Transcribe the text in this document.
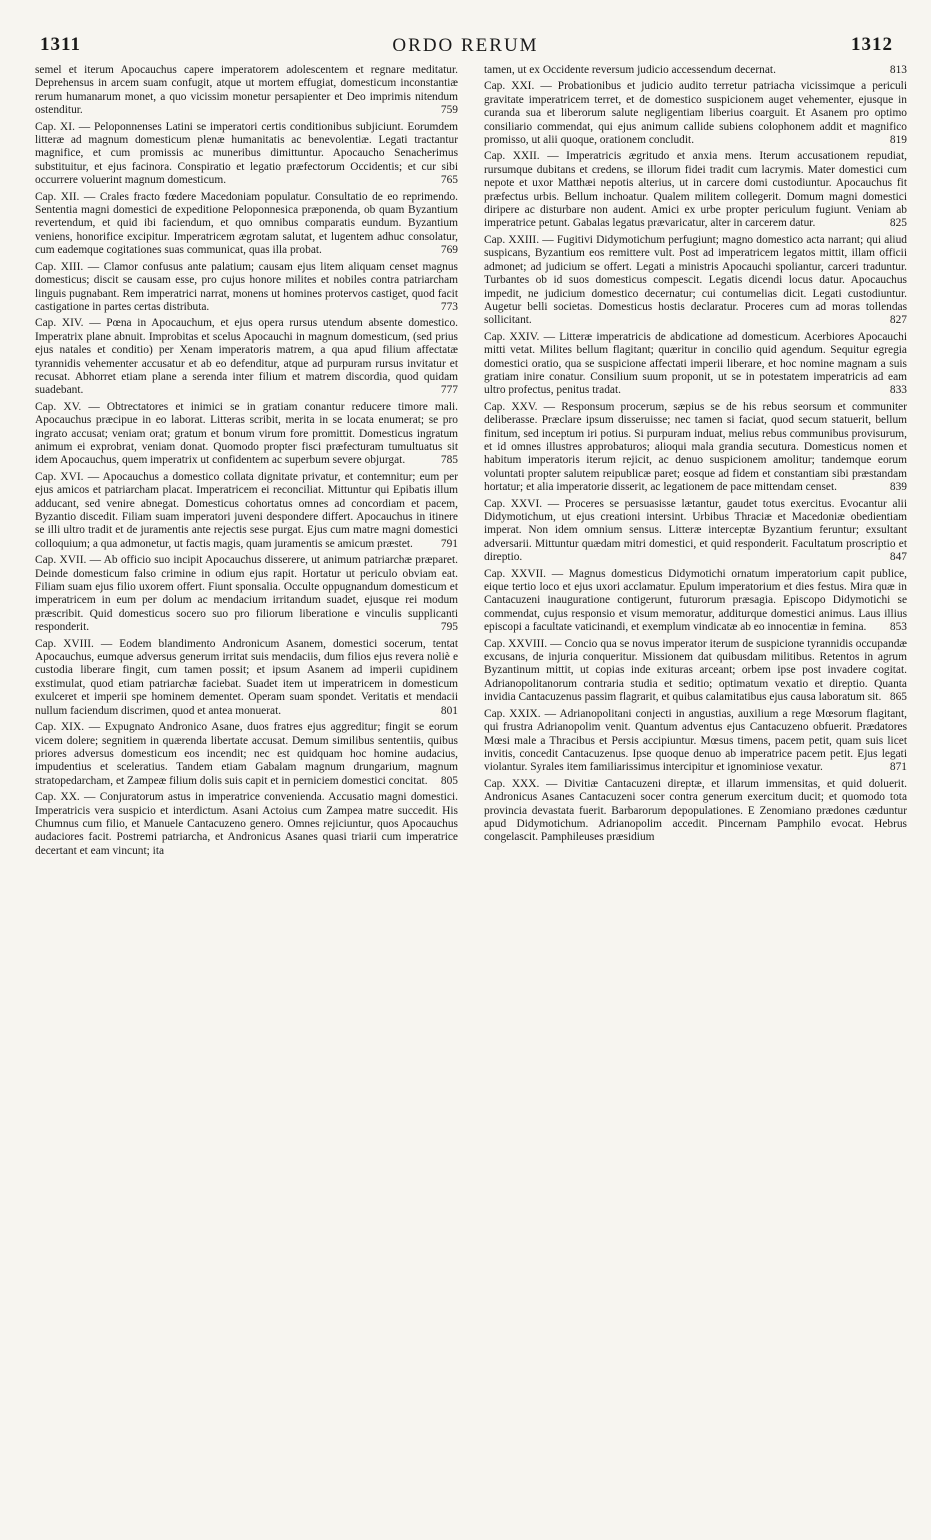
1311	ORDO RERUM	1312

semel et iterum Apocauchus capere imperatorem adolescentem et regnare meditatur. Deprehensus in arcem suam confugit, atque ut mortem effugiat, domesticum inconstantiæ rerum humanarum monet, a quo vicissim monetur persapienter et Deo imprimis nitendum ostenditur.	759

Cap. XI. — Peloponnenses Latini se imperatori certis conditionibus subjiciunt. Eorumdem litteræ ad magnum domesticum plenæ humanitatis ac benevolentiæ. Legati tractantur magnifice, et cum promissis ac muneribus dimittuntur. Apocaucho Senacherimus substituitur, et ejus facinora. Conspiratio et legatio præfectorum Occidentis; et cur sibi occurrere voluerint magnum domesticum.	765

Cap. XII. — Crales fracto fœdere Macedoniam populatur. Consultatio de eo reprimendo. Sententia magni domestici de expeditione Peloponnesica præponenda, ob quam Byzantium revertendum, et quid ibi faciendum, et quo omnibus comparatis eundum. Byzantium veniens, honorifice excipitur. Imperatricem ægrotam salutat, et lugentem adhuc consolatur, cum eademque cogitationes suas communicat, quas illa probat.	769

Cap. XIII. — Clamor confusus ante palatium; causam ejus litem aliquam censet magnus domesticus; discit se causam esse, pro cujus honore milites et nobiles contra patriarcham linguis pugnabant. Rem imperatrici narrat, monens ut homines protervos castiget, quod facit castigatione in partes certas distributa.	773

Cap. XIV. — Pœna in Apocauchum, et ejus opera rursus utendum absente domestico. Imperatrix plane abnuit. Improbitas et scelus Apocauchi in magnum domesticum, (sed prius ejus natales et conditio) per Xenam imperatoris matrem, a qua apud filium affectatæ tyrannidis vehementer accusatur et ab eo defenditur, atque ad purpuram rursus invitatur et recusat. Abhorret etiam plane a serenda inter filium et matrem discordia, quod quidam suadebant.	777

Cap. XV. — Obtrectatores et inimici se in gratiam conantur reducere timore mali. Apocauchus præcipue in eo laborat. Litteras scribit, merita in se locata enumerat; se pro ingrato accusat; veniam orat; gratum et bonum virum fore promittit. Domesticus ingratum animum ei exprobrat, veniam donat. Quomodo propter fisci præfecturam tumultuatus sit idem Apocauchus, quem imperatrix ut confidentem ac superbum severe objurgat.	785

Cap. XVI. — Apocauchus a domestico collata dignitate privatur, et contemnitur; eum per ejus amicos et patriarcham placat. Imperatricem ei reconciliat. Mittuntur qui Epibatis illum adducant, sed venire abnegat. Domesticus cohortatus omnes ad concordiam et pacem, Byzantio discedit. Filiam suam imperatori juveni despondere differt. Apocauchus in itinere se illi ultro tradit et de juramentis ante rejectis sese purgat. Ejus cum matre magni domestici colloquium; a qua admonetur, ut factis magis, quam juramentis se amicum præstet. 791

Cap. XVII. — Ab officio suo incipit Apocauchus disserere, ut animum patriarchæ præparet. Deinde domesticum falso crimine in odium ejus rapit. Hortatur ut periculo obviam eat. Filiam suam ejus filio uxorem offert. Fiunt sponsalia. Occulte oppugnandum domesticum et imperatricem in eum per dolum ac mendacium irritandum suadet, ejusque rei modum præscribit. Quid domesticus socero suo pro filiorum liberatione e vinculis supplicanti responderit.	795

Cap. XVIII. — Eodem blandimento Andronicum Asanem, domestici socerum, tentat Apocauchus, eumque adversus generum irritat suis mendaciis, dum filios ejus revera noliè e custodia liberare fingit, cum tamen possit; et ipsum Asanem ad imperii cupidinem exstimulat, quod etiam patriarchæ faciebat. Suadet item ut imperatricem in domesticum exulceret et imperii spe hominem dementet. Operam suam spondet. Veritatis et mendacii nullum faciendum discrimen, quod et antea monuerat.	801

Cap. XIX. — Expugnato Andronico Asane, duos fratres ejus aggreditur; fingit se eorum vicem dolere; segnitiem in quærenda libertate accusat. Demum similibus sententiis, quibus priores adversus domesticum eos incendit; nec est quidquam hoc homine audacius, impudentius et sceleratius. Tandem etiam Gabalam magnum drungarium, magnum stratopedarcham, et Zampeæ filium dolis suis capit et in perniciem domestici concitat. 805

Cap. XX. — Conjuratorum astus in imperatrice convenienda. Accusatio magni domestici. Imperatricis vera suspicio et interdictum. Asani Actoius cum Zampea matre succedit. His Chumnus cum filio, et Manuele Cantacuzeno genero. Omnes rejiciuntur, quos Apocauchus audaciores facit. Postremi patriarcha, et Andronicus Asanes quasi triarii cum imperatrice decertant et eam vincunt; ita

tamen, ut ex Occidente reversum judicio accessendum decernat.	813

Cap. XXI. — Probationibus et judicio audito terretur patriacha vicissimque a periculi gravitate imperatricem terret, et de domestico suspicionem auget vehementer, ejusque in curanda sua et liberorum salute negligentiam liberius coarguit. Et Asanem pro optimo consiliario commendat, qui ejus animum callide subiens colophonem addit et magnifico promisso, ut alii quoque, orationem concludit.	819

Cap. XXII. — Imperatricis ægritudo et anxia mens. Iterum accusationem repudiat, rursumque dubitans et credens, se illorum fidei tradit cum lacrymis. Mater domestici cum nepote et uxor Matthæi nepotis alterius, ut in carcere domi custodiuntur. Apocauchus fit præfectus urbis. Bellum inchoatur. Qualem militem collegerit. Domum magni domestici diripere ac disturbare non audent. Amici ex urbe propter periculum fugiunt. Veniam ab imperatrice petunt. Gabalas legatus prævaricatur, alter in carcerem datur.	825

Cap. XXIII. — Fugitivi Didymotichum perfugiunt; magno domestico acta narrant; qui aliud suspicans, Byzantium eos remittere vult. Post ad imperatricem legatos mittit, illam officii admonet; ad judicium se offert. Legati a ministris Apocauchi spoliantur, carceri traduntur. Turbantes ob id suos domesticus compescit. Legatis dicendi locus datur. Apocauchus impedit, ne judicium domestico decernatur; cui contumelias dicit. Legati custodiuntur. Augetur belli societas. Domesticus hostis declaratur. Proceres cum ad moras tollendas sollicitant.	827

Cap. XXIV. — Litteræ imperatricis de abdicatione ad domesticum. Acerbiores Apocauchi mitti vetat. Milites bellum flagitant; quæritur in concilio quid agendum. Sequitur egregia domestici oratio, qua se suspicione affectati imperii liberare, et hoc nomine magnam a suis gratiam inire conatur. Consilium suum proponit, ut se in potestatem imperatricis ad eam ultro profectus, penitus tradat.	833

Cap. XXV. — Responsum procerum, sæpius se de his rebus seorsum et communiter deliberasse. Præclare ipsum disseruisse; nec tamen si faciat, quod secum statuerit, bellum finitum, sed inceptum iri potius. Si purpuram induat, melius rebus communibus provisurum, et id omnes illustres approbaturos; alioqui mala grandia secutura. Domesticus nomen et habitum imperatoris iterum rejicit, ac denuo suspicionem amolitur; tandemque eorum voluntati propter salutem reipublicæ paret; eosque ad fidem et constantiam sibi præstandam hortatur; et alia imperatorie disserit, ac legationem de pace mittendam censet.	839

Cap. XXVI. — Proceres se persuasisse lætantur, gaudet totus exercitus. Evocantur alii Didymotichum, ut ejus creationi intersint. Urbibus Thraciæ et Macedoniæ obedientiam imperat. Non idem omnium sensus. Litteræ interceptæ Byzantium feruntur; exsultant adversarii. Mittuntur quædam mitri domestici, et quid responderit. Facultatum proscriptio et direptio.	847

Cap. XXVII. — Magnus domesticus Didymotichi ornatum imperatorium capit publice, eique tertio loco et ejus uxori acclamatur. Epulum imperatorium et dies festus. Mira quæ in Cantacuzeni inauguratione contigerunt, futurorum præsagia. Episcopo Didymotichi se commendat, cujus responsio et visum memoratur, additurque domestici animus. Laus illius episcopi a facultate vaticinandi, et exemplum vindicatæ ab eo innocentiæ in femina. 853

Cap. XXVIII. — Concio qua se novus imperator iterum de suspicione tyrannidis occupandæ excusans, de injuria conqueritur. Missionem dat quibusdam militibus. Retentos in agrum Byzantinum mittit, ut copias inde exituras arceant; orbem ipse post invadere cogitat. Adrianopolitanorum contraria studia et seditio; optimatum vexatio et direptio. Quanta invidia Cantacuzenus passim flagrarit, et quibus calamitatibus ejus causa laboratum sit. 865

Cap. XXIX. — Adrianopolitani conjecti in angustias, auxilium a rege Mœsorum flagitant, qui frustra Adrianopolim venit. Quantum adventus ejus Cantacuzeno obfuerit. Prædatores Mœsi male a Thracibus et Persis accipiuntur. Mœsus timens, pacem petit, quam suis licet invitis, concedit Cantacuzenus. Ipse quoque denuo ab imperatrice pacem petit. Ejus legati violantur. Syrales item familiarissimus intercipitur et ignominiose vexatur.	871

Cap. XXX. — Divitiæ Cantacuzeni direptæ, et illarum immensitas, et quid doluerit. Andronicus Asanes Cantacuzeni socer contra generum exercitum ducit; et quomodo tota provincia devastata fuerit. Barbarorum depopulationes. E Zenomiano prædones cæduntur apud Didymotichum. Adrianopolim accedit. Pincernam Pamphilo evocat. Hebrus congelascit. Pamphileuses præsidium
